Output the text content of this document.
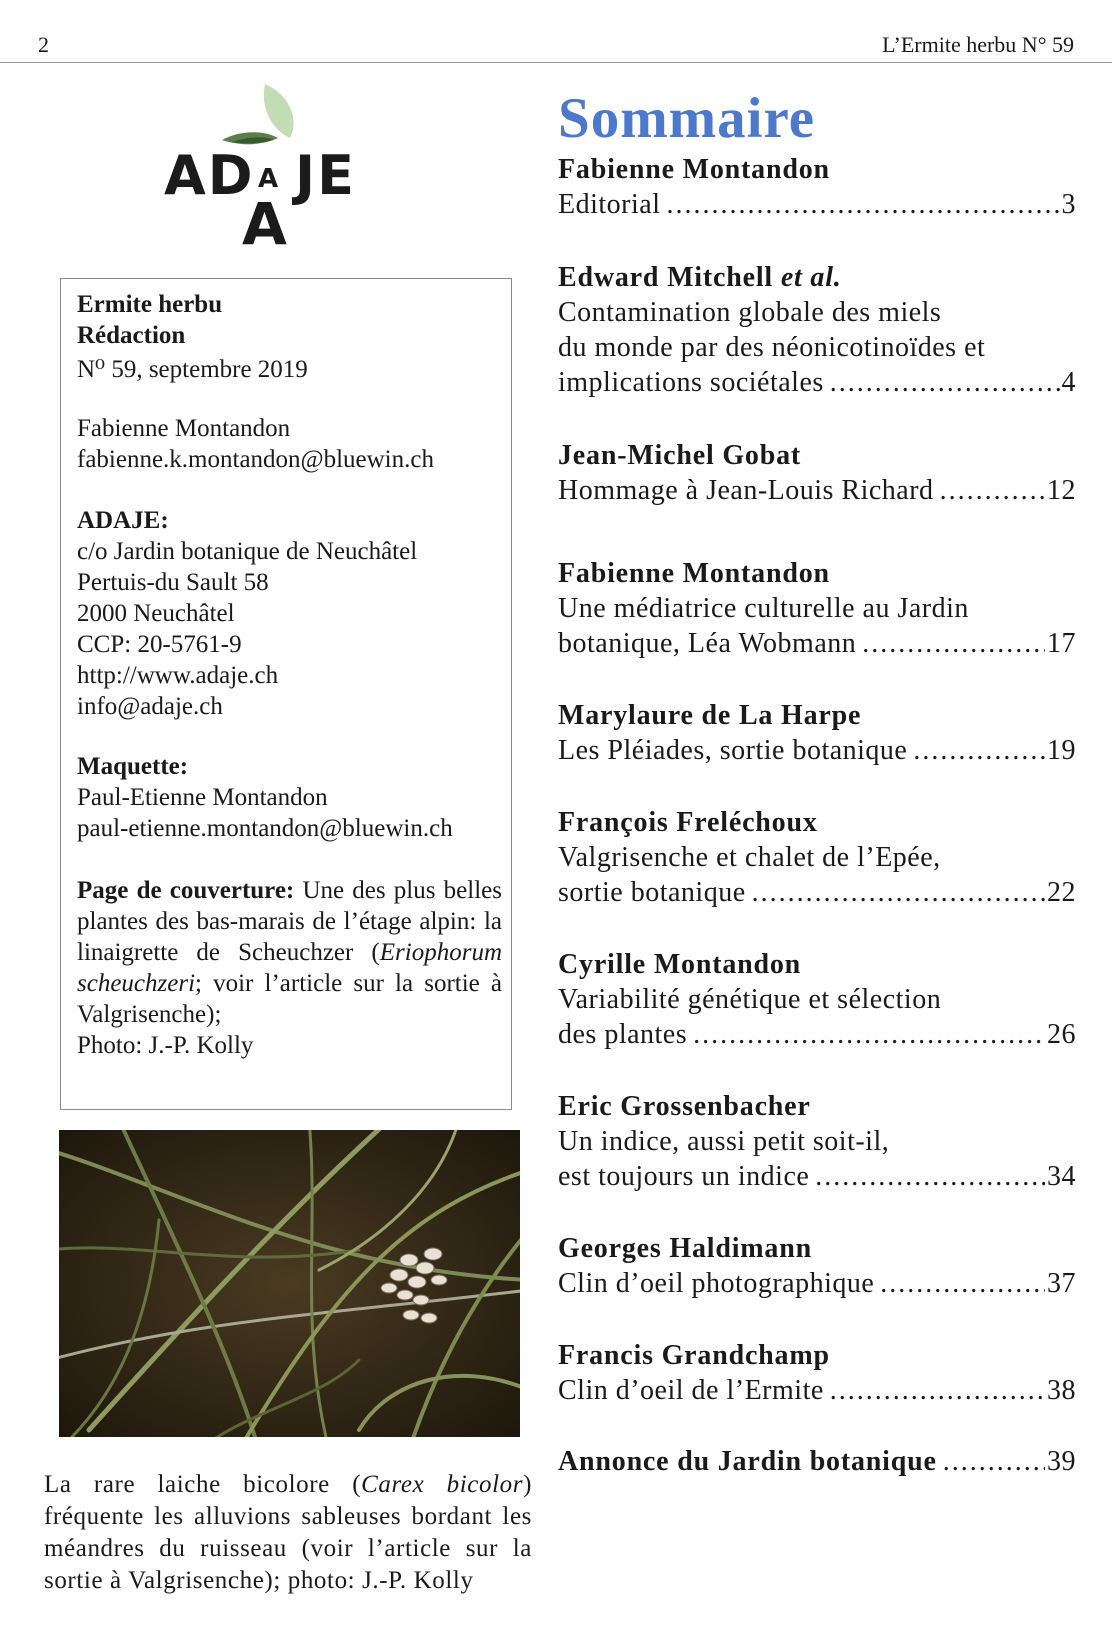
2	L’Ermite herbu N° 59
AD A JE
A

Ermite herbu

Rédaction

N⁰ 59, septembre 2019

Fabienne Montandon

fabienne.k.montandon@bluewin.ch

ADAJE:

c/o Jardin botanique de Neuchâtel

Pertuis-du Sault 58

2000 Neuchâtel

CCP: 20-5761-9

http://www.adaje.ch

info@adaje.ch

Maquette:

Paul-Etienne Montandon

paul-etienne.montandon@bluewin.ch

Page de couverture: Une des plus belles plantes des bas-marais de l’étage alpin: la linaigrette de Scheuchzer (Eriophorum scheuchzeri; voir l’article sur la sortie à Valgrisenche);

Photo: J.-P. Kolly

La rare laiche bicolore (Carex bicolor) fréquente les alluvions sableuses bordant les méandres du ruisseau (voir l’article sur la sortie à Valgrisenche); photo: J.-P. Kolly

Sommaire
Fabienne Montandon
Editorial .....	3
Edward Mitchell et al.
Contamination globale des miels
du monde par des néonicotinoïdes et
implications sociétales .....	4
Jean-Michel Gobat
Hommage à Jean-Louis Richard .....	12
Fabienne Montandon
Une médiatrice culturelle au Jardin
botanique, Léa Wobmann .....	17
Marylaure de La Harpe
Les Pléiades, sortie botanique .....	19
François Freléchoux
Valgrisenche et chalet de l’Epée,
sortie botanique .....	22
Cyrille Montandon
Variabilité génétique et sélection
des plantes .....	26
Eric Grossenbacher
Un indice, aussi petit soit-il,
est toujours un indice .....	34
Georges Haldimann
Clin d’oeil photographique .....	37
Francis Grandchamp
Clin d’oeil de l’Ermite .....	38
Annonce du Jardin botanique .....	39
